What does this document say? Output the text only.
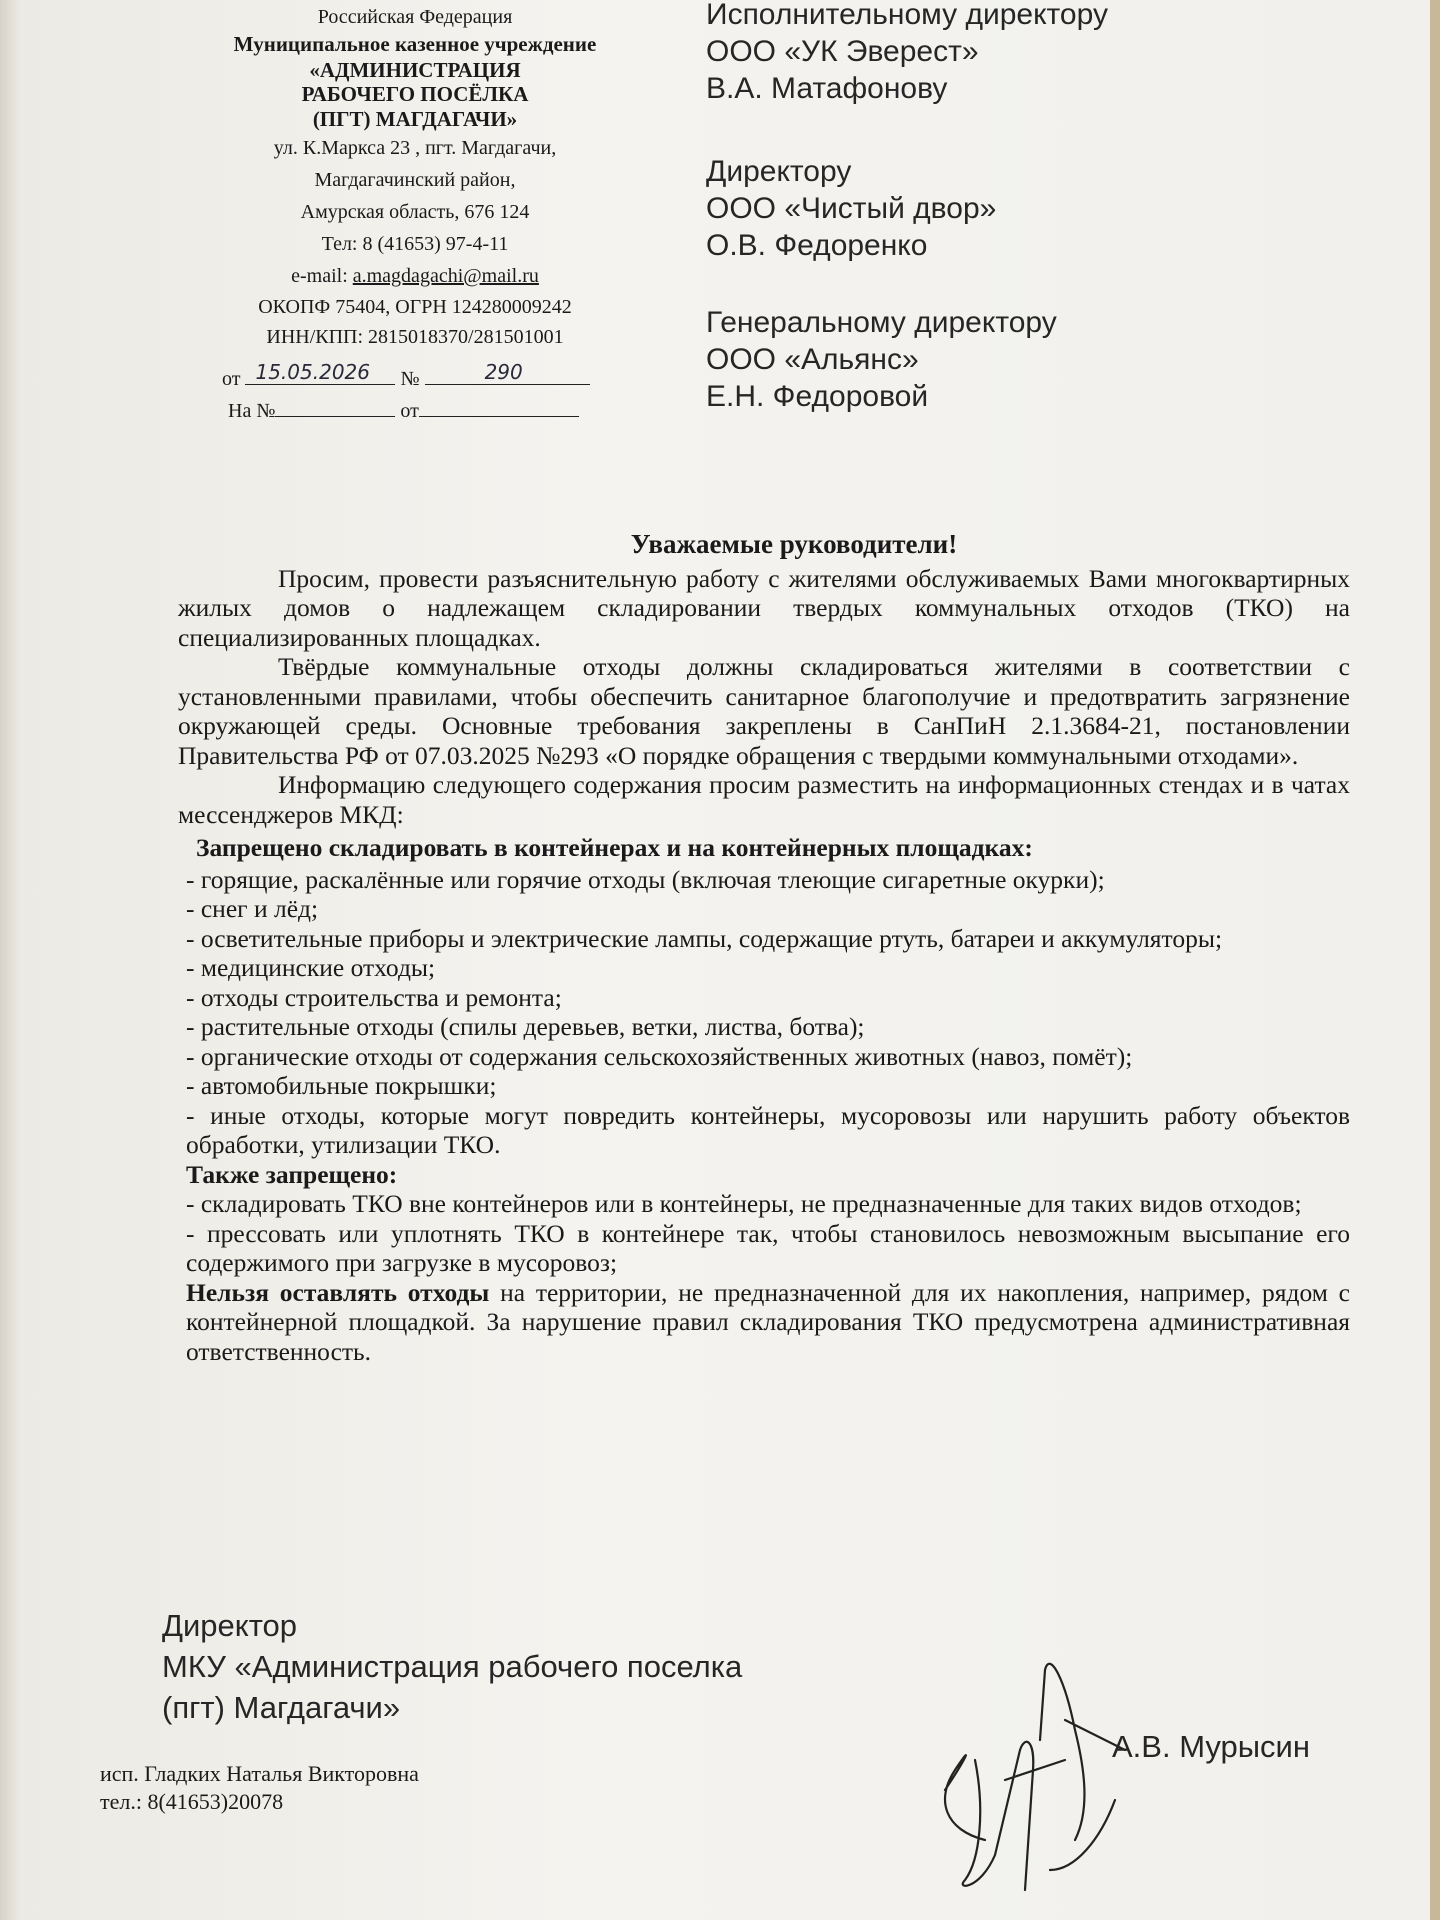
Российская Федерация
Муниципальное казенное учреждение
«АДМИНИСТРАЦИЯ
РАБОЧЕГО ПОСЁЛКА
(ПГТ) МАГДАГАЧИ»
ул. К.Маркса 23 , пгт. Магдагачи,
Магдагачинский район,
Амурская область, 676 124
Тел: 8 (41653) 97-4-11
e-mail: a.magdagachi@mail.ru
ОКОПФ 75404, ОГРН 124280009242
ИНН/КПП: 2815018370/281501001
от 15.05.2026 №	290
На №	от
Исполнительному директору
ООО «УК Эверест»
В.А. Матафонову
Директору
ООО «Чистый двор»
О.В. Федоренко
Генеральному директору
ООО «Альянс»
Е.Н. Федоровой
Уважаемые руководители!

Просим, провести разъяснительную работу с жителями обслуживаемых Вами многоквартирных жилых домов о надлежащем складировании твердых коммунальных отходов (ТКО) на специализированных площадках.

Твёрдые коммунальные отходы должны складироваться жителями в соответствии с установленными правилами, чтобы обеспечить санитарное благополучие и предотвратить загрязнение окружающей среды. Основные требования закреплены в СанПиН 2.1.3684-21, постановлении Правительства РФ от 07.03.2025 №293 «О порядке обращения с твердыми коммунальными отходами».

Информацию следующего содержания просим разместить на информационных стендах и в чатах мессенджеров МКД:

Запрещено складировать в контейнерах и на контейнерных площадках:

- горящие, раскалённые или горячие отходы (включая тлеющие сигаретные окурки);

- снег и лёд;

- осветительные приборы и электрические лампы, содержащие ртуть, батареи и аккумуляторы;

- медицинские отходы;

- отходы строительства и ремонта;

- растительные отходы (спилы деревьев, ветки, листва, ботва);

- органические отходы от содержания сельскохозяйственных животных (навоз, помёт);

- автомобильные покрышки;

- иные отходы, которые могут повредить контейнеры, мусоровозы или нарушить работу объектов обработки, утилизации ТКО.

Также запрещено:

- складировать ТКО вне контейнеров или в контейнеры, не предназначенные для таких видов отходов;

- прессовать или уплотнять ТКО в контейнере так, чтобы становилось невозможным высыпание его содержимого при загрузке в мусоровоз;

Нельзя оставлять отходы на территории, не предназначенной для их накопления, например, рядом с контейнерной площадкой. За нарушение правил складирования ТКО предусмотрена административная ответственность.

Директор
МКУ «Администрация рабочего поселка
(пгт) Магдагачи»
А.В. Мурысин
исп. Гладких Наталья Викторовна
тел.: 8(41653)20078
